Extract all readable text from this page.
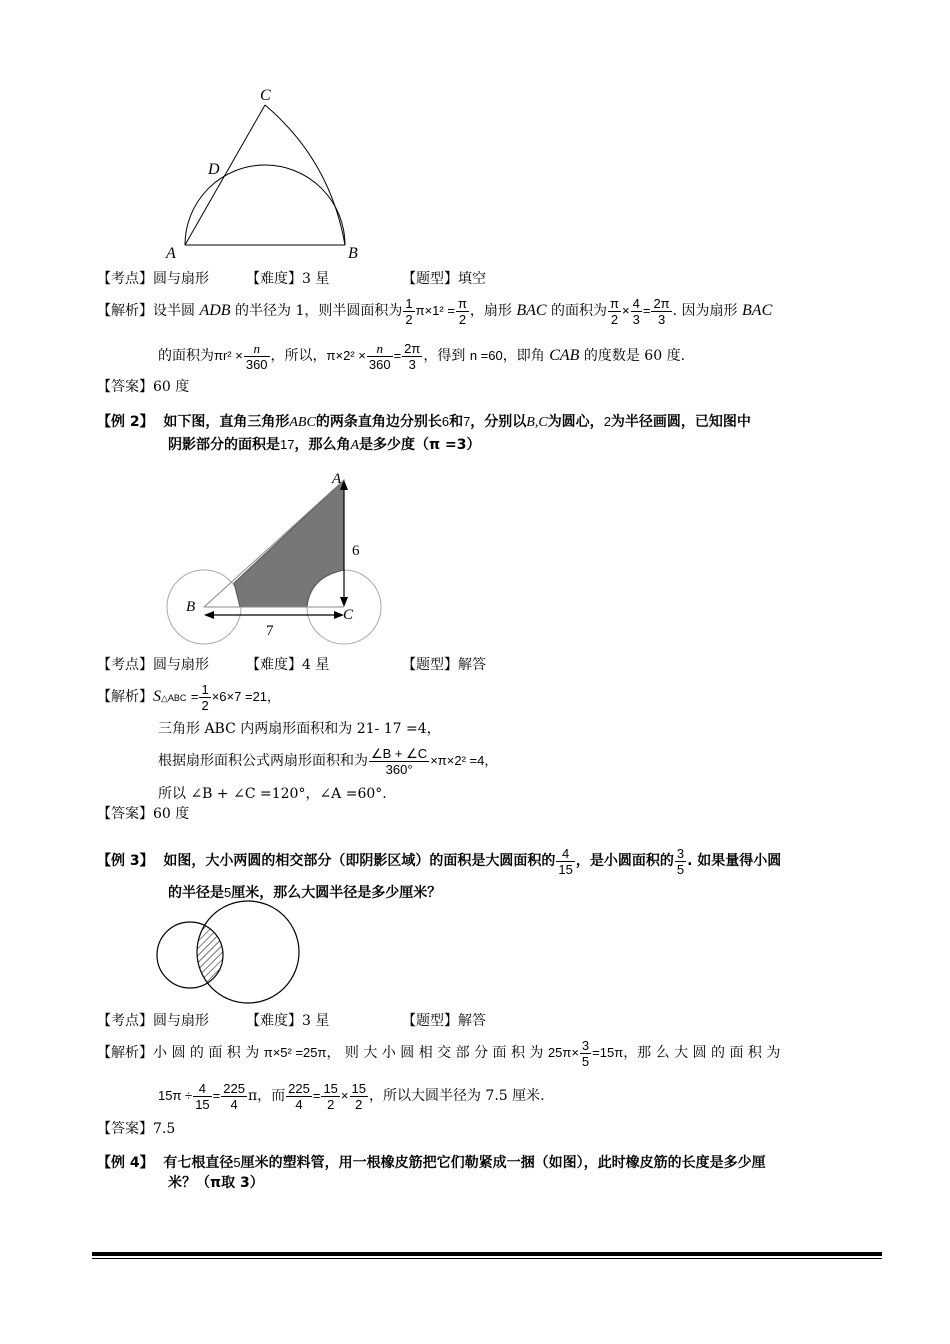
C
D
A	B
【考点】圆与扇形	【难度】3 星	【题型】填空
【解析】设半圆 ADB 的半径为 1，则半圆面积为 $\frac{1}{2} \pi\times 1^2 = \frac{\pi}{2}$ ，扇形 BAC 的面积为 $\frac{\pi}{2} \times \frac{4}{3} = \frac{2\pi}{3}$ . 因为扇形 BAC
的面积为$\pi r^2 \times \frac{n}{360}$ ，所以，$\pi\times 2^2 \times \frac{n}{360} = \frac{2\pi}{3}$ ，得到 n =60，即角 CAB 的度数是 60 度.
【答案】60 度
【例 2】 如下图，直角三角形ABC的两条直角边分别长6和7，分别以B,C为圆心，2为半径画圆，已知图中
阴影部分的面积是17，那么角A是多少度（π =3）
A
B	C
6
7
【考点】圆与扇形	【难度】4 星	【题型】解答
【解析】S△ABC = $\frac{1}{2} \times 6\times 7 =21$，
三角形 ABC 内两扇形面积和为 21- 17 =4，
根据扇形面积公式两扇形面积和为 $\frac{\angle B + \angle C}{360^\circ} \times\pi\times 2^2 =4$，
所以 ∠B + ∠C =120°，∠A =60°.
【答案】60 度
【例 3】 如图，大小两圆的相交部分（即阴影区域）的面积是大圆面积的 $\frac{4}{15}$ ，是小圆面积的 $\frac{3}{5}$ . 如果量得小圆
的半径是5厘米，那么大圆半径是多少厘米？
【考点】圆与扇形	【难度】3 星	【题型】解答
【解析】小 圆 的 面 积 为 π×5² =25π， 则 大 小 圆 相 交 部 分 面 积 为 $25\pi\times \frac{3}{5} =15\pi$，那 么 大 圆 的 面 积 为
$15\pi \div \frac{4}{15} = \frac{225}{4}$ π，而 $\frac{225}{4} = \frac{15}{2} \times \frac{15}{2}$ ，所以大圆半径为 7.5 厘米.
【答案】7.5
【例 4】 有七根直径5厘米的塑料管，用一根橡皮筋把它们勒紧成一捆（如图），此时橡皮筋的长度是多少厘
米？（π取 3）
